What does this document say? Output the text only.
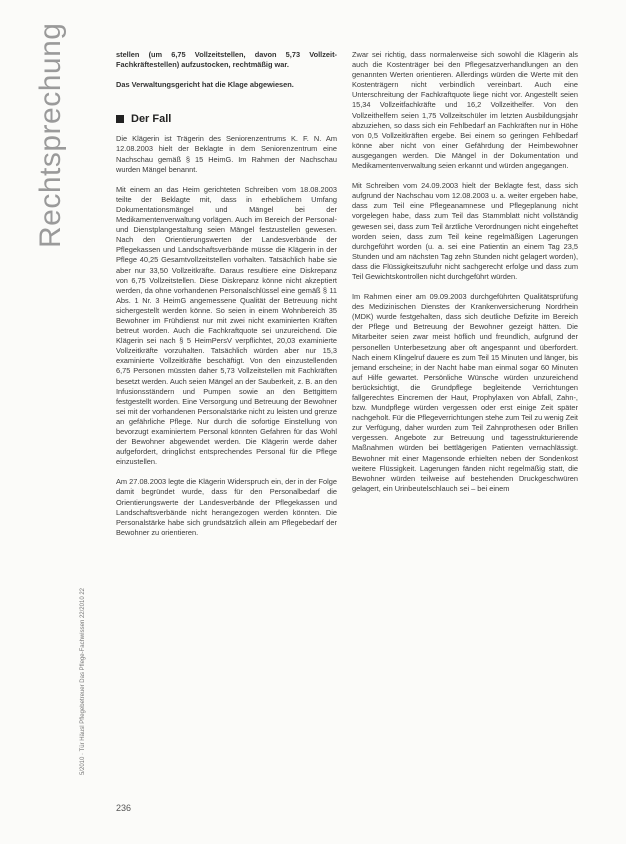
Rechtsprechung
5/2010 · Tür Häusl Pflegebetreuer Das Pflege-Fachwissen 22/2010 22

stellen (um 6,75 Vollzeitstellen, davon 5,73 Vollzeit-Fachkräftestellen) aufzustocken, rechtmäßig war.

Das Verwaltungsgericht hat die Klage abgewiesen.

Der Fall

Die Klägerin ist Trägerin des Seniorenzentrums K. F. N. Am 12.08.2003 hielt der Beklagte in dem Seniorenzentrum eine Nachschau gemäß § 15 HeimG. Im Rahmen der Nachschau wurden Mängel benannt.

Mit einem an das Heim gerichteten Schreiben vom 18.08.2003 teilte der Beklagte mit, dass in erheblichem Umfang Dokumentationsmängel und Mängel bei der Medikamentenverwaltung vorlägen. Auch im Bereich der Personal- und Dienstplangestaltung seien Mängel festzustellen gewesen. Nach den Orientierungswerten der Landesverbände der Pflegekassen und Landschaftsverbände müsse die Klägerin in der Pflege 40,25 Gesamtvollzeitstellen vorhalten. Tatsächlich habe sie aber nur 33,50 Vollzeitkräfte. Daraus resultiere eine Diskrepanz von 6,75 Vollzeitstellen. Diese Diskrepanz könne nicht akzeptiert werden, da ohne vorhandenen Personalschlüssel eine gemäß § 11 Abs. 1 Nr. 3 HeimG angemessene Qualität der Betreuung nicht sichergestellt werden könne. So seien in einem Wohnbereich 35 Bewohner im Frühdienst nur mit zwei nicht examinierten Kräften betreut worden. Auch die Fachkraftquote sei unzureichend. Die Klägerin sei nach § 5 HeimPersV verpflichtet, 20,03 examinierte Vollzeitkräfte vorzuhalten. Tatsächlich würden aber nur 15,3 examinierte Vollzeitkräfte beschäftigt. Von den einzustellenden 6,75 Personen müssten daher 5,73 Vollzeitstellen mit Fachkräften besetzt werden. Auch seien Mängel an der Sauberkeit, z. B. an den Infusionsständern und Pumpen sowie an den Bettgittern festgestellt worden. Eine Versorgung und Betreuung der Bewohner sei mit der vorhandenen Personalstärke nicht zu leisten und grenze an gefährliche Pflege. Nur durch die sofortige Einstellung von bevorzugt examiniertem Personal könnten Gefahren für das Wohl der Bewohner abgewendet werden. Die Klägerin werde daher aufgefordert, dringlichst entsprechendes Personal für die Pflege einzustellen.

Am 27.08.2003 legte die Klägerin Widerspruch ein, der in der Folge damit begründet wurde, dass für den Personalbedarf die Orientierungswerte der Landesverbände der Pflegekassen und Landschaftsverbände nicht herangezogen werden könnten. Die Personalstärke habe sich grundsätzlich allein am Pflegebedarf der Bewohner zu orientieren.

Zwar sei richtig, dass normalerweise sich sowohl die Klägerin als auch die Kostenträger bei den Pflegesatzverhandlungen an den genannten Werten orientieren. Allerdings würden die Werte mit den Kostenträgern nicht verbindlich vereinbart. Auch eine Unterschreitung der Fachkraftquote liege nicht vor. Angestellt seien 15,34 Vollzeitfachkräfte und 16,2 Vollzeithelfer. Von den Vollzeithelfern seien 1,75 Vollzeitschüler im letzten Ausbildungsjahr abzuziehen, so dass sich ein Fehlbedarf an Fachkräften nur in Höhe von 0,5 Vollzeitkräften ergebe. Bei einem so geringen Fehlbedarf könne aber nicht von einer Gefährdung der Heimbewohner ausgegangen werden. Die Mängel in der Dokumentation und Medikamentenverwaltung seien erkannt und würden angegangen.

Mit Schreiben vom 24.09.2003 hielt der Beklagte fest, dass sich aufgrund der Nachschau vom 12.08.2003 u. a. weiter ergeben habe, dass zum Teil eine Pflegeanamnese und Pflegeplanung nicht vorgelegen habe, dass zum Teil das Stammblatt nicht vollständig gewesen sei, dass zum Teil ärztliche Verordnungen nicht eingeheftet worden seien, dass zum Teil keine regelmäßigen Lagerungen durchgeführt worden (u. a. sei eine Patientin an einem Tag 23,5 Stunden und am nächsten Tag zehn Stunden nicht gelagert worden), dass die Flüssigkeitszufuhr nicht sachgerecht erfolge und dass zum Teil Gewichtskontrollen nicht durchgeführt würden.

Im Rahmen einer am 09.09.2003 durchgeführten Qualitätsprüfung des Medizinischen Dienstes der Krankenversicherung Nordrhein (MDK) wurde festgehalten, dass sich deutliche Defizite im Bereich der Pflege und Betreuung der Bewohner gezeigt hätten. Die Mitarbeiter seien zwar meist höflich und freundlich, aufgrund der personellen Unterbesetzung aber oft angespannt und überfordert. Nach einem Klingelruf dauere es zum Teil 15 Minuten und länger, bis jemand erscheine; in der Nacht habe man einmal sogar 60 Minuten auf Hilfe gewartet. Persönliche Wünsche würden unzureichend berücksichtigt, die Grundpflege begleitende Verrichtungen fallgerechtes Eincremen der Haut, Prophylaxen von Abfall, Zahn-, bzw. Mundpflege würden vergessen oder erst einige Zeit später nachgeholt. Für die Pflegeverrichtungen stehe zum Teil zu wenig Zeit zur Verfügung, daher wurden zum Teil Zahnprothesen oder Brillen vergessen. Angebote zur Betreuung und tagesstrukturierende Maßnahmen würden bei bettlägerigen Patienten vernachlässigt. Bewohner mit einer Magensonde erhielten neben der Sondenkost weitere Flüssigkeit. Lagerungen fänden nicht regelmäßig statt, die Bewohner würden teilweise auf bestehenden Druckgeschwüren gelagert, ein Urinbeutelschlauch sei – bei einem

236
